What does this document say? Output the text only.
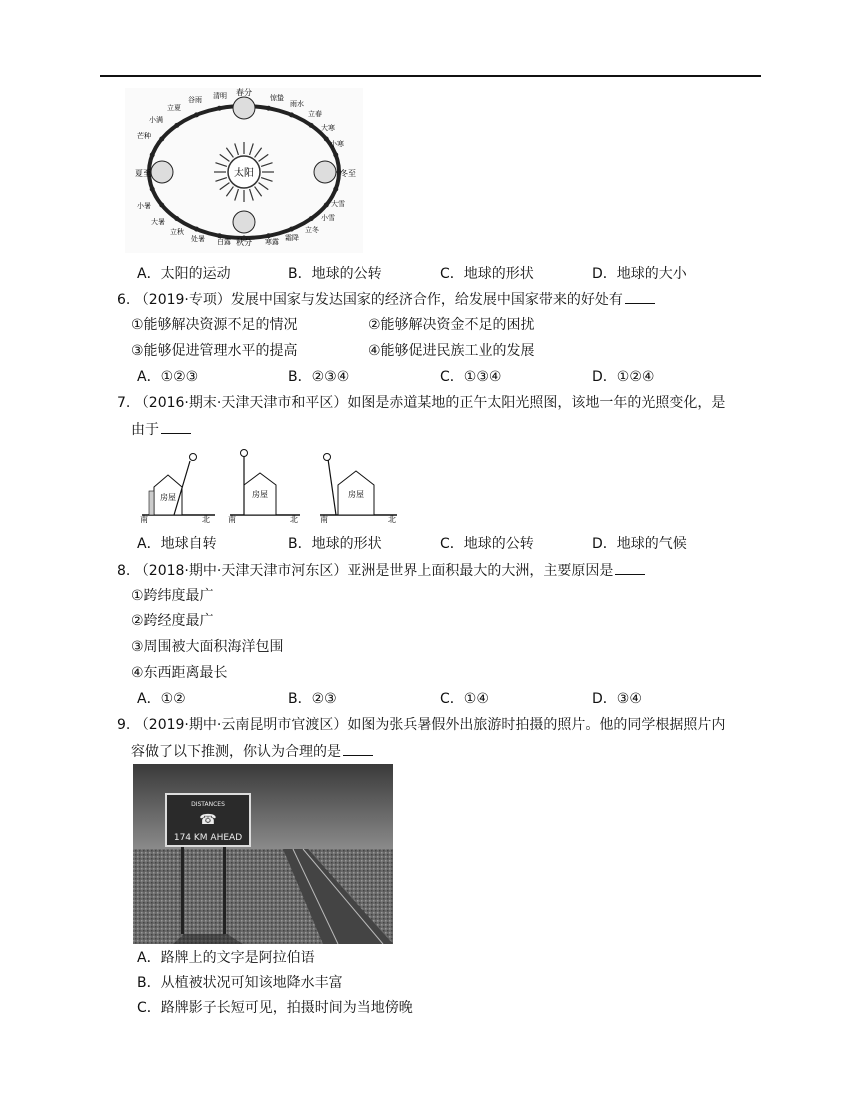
太阳
春分
夏至	冬至
秋分
惊蛰
雨水
立春
大寒
小寒
芒种
小满
立夏
谷雨 清明
小暑
大暑
立秋
处暑 白露	寒露 霜降
立冬
小雪
大雪
A．太阳的运动	B．地球的公转	C．地球的形状	D．地球的大小
6. （2019·专项）发展中国家与发达国家的经济合作，给发展中国家带来的好处有
①能够解决资源不足的情况	②能够解决资金不足的困扰
③能够促进管理水平的提高	④能够促进民族工业的发展
A．①②③	B．②③④	C．①③④	D．①②④
7. （2016·期末·天津天津市和平区）如图是赤道某地的正午太阳光照图，该地一年的光照变化，是
由于
房屋
南	北
房屋
南	北
房屋
南	北
A．地球自转	B．地球的形状	C．地球的公转	D．地球的气候
8. （2018·期中·天津天津市河东区）亚洲是世界上面积最大的大洲，主要原因是
①跨纬度最广
②跨经度最广
③周围被大面积海洋包围
④东西距离最长
A．①②	B．②③	C．①④	D．③④
9. （2019·期中·云南昆明市官渡区）如图为张兵暑假外出旅游时拍摄的照片。他的同学根据照片内
容做了以下推测，你认为合理的是
DISTANCES
☎
174 KM AHEAD
A．路牌上的文字是阿拉伯语
B．从植被状况可知该地降水丰富
C．路牌影子长短可见，拍摄时间为当地傍晚
